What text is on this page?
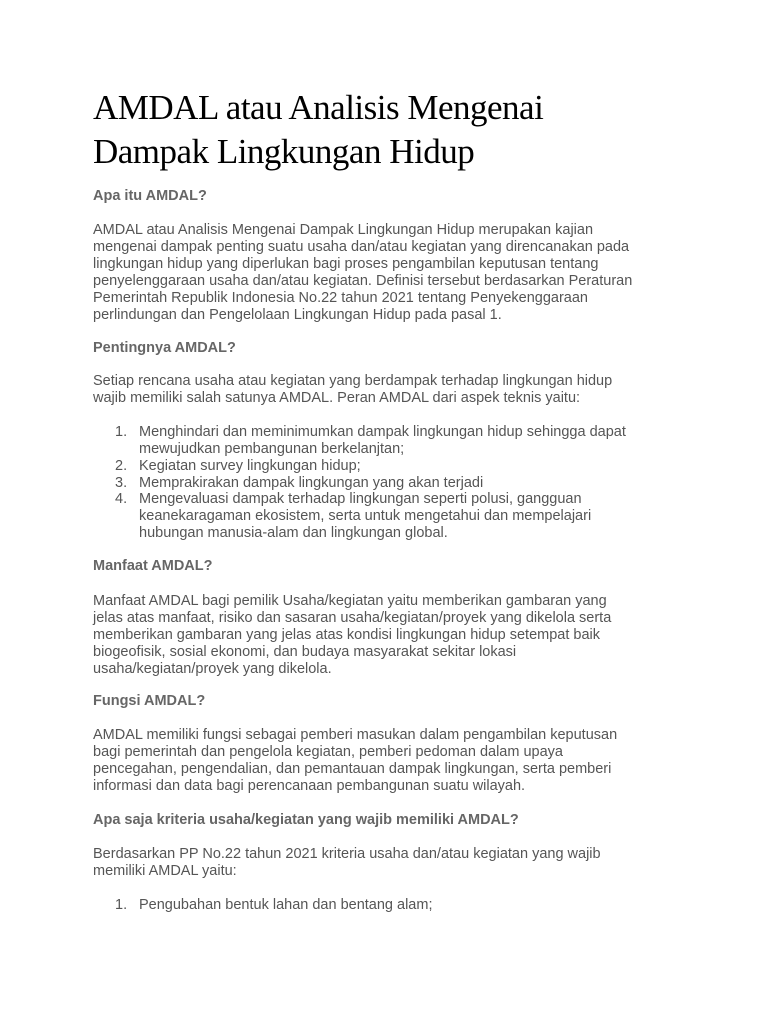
AMDAL atau Analisis Mengenai
Dampak Lingkungan Hidup
Apa itu AMDAL?

AMDAL atau Analisis Mengenai Dampak Lingkungan Hidup merupakan kajian
mengenai dampak penting suatu usaha dan/atau kegiatan yang direncanakan pada
lingkungan hidup yang diperlukan bagi proses pengambilan keputusan tentang
penyelenggaraan usaha dan/atau kegiatan. Definisi tersebut berdasarkan Peraturan
Pemerintah Republik Indonesia No.22 tahun 2021 tentang Penyekenggaraan
perlindungan dan Pengelolaan Lingkungan Hidup pada pasal 1.

Pentingnya AMDAL?

Setiap rencana usaha atau kegiatan yang berdampak terhadap lingkungan hidup
wajib memiliki salah satunya AMDAL. Peran AMDAL dari aspek teknis yaitu:

1. Menghindari dan meminimumkan dampak lingkungan hidup sehingga dapat
mewujudkan pembangunan berkelanjtan;
2. Kegiatan survey lingkungan hidup;
3. Memprakirakan dampak lingkungan yang akan terjadi
4. Mengevaluasi dampak terhadap lingkungan seperti polusi, gangguan
keanekaragaman ekosistem, serta untuk mengetahui dan mempelajari
hubungan manusia-alam dan lingkungan global.
Manfaat AMDAL?

Manfaat AMDAL bagi pemilik Usaha/kegiatan yaitu memberikan gambaran yang
jelas atas manfaat, risiko dan sasaran usaha/kegiatan/proyek yang dikelola serta
memberikan gambaran yang jelas atas kondisi lingkungan hidup setempat baik
biogeofisik, sosial ekonomi, dan budaya masyarakat sekitar lokasi
usaha/kegiatan/proyek yang dikelola.

Fungsi AMDAL?

AMDAL memiliki fungsi sebagai pemberi masukan dalam pengambilan keputusan
bagi pemerintah dan pengelola kegiatan, pemberi pedoman dalam upaya
pencegahan, pengendalian, dan pemantauan dampak lingkungan, serta pemberi
informasi dan data bagi perencanaan pembangunan suatu wilayah.

Apa saja kriteria usaha/kegiatan yang wajib memiliki AMDAL?

Berdasarkan PP No.22 tahun 2021 kriteria usaha dan/atau kegiatan yang wajib
memiliki AMDAL yaitu:

1. Pengubahan bentuk lahan dan bentang alam;
